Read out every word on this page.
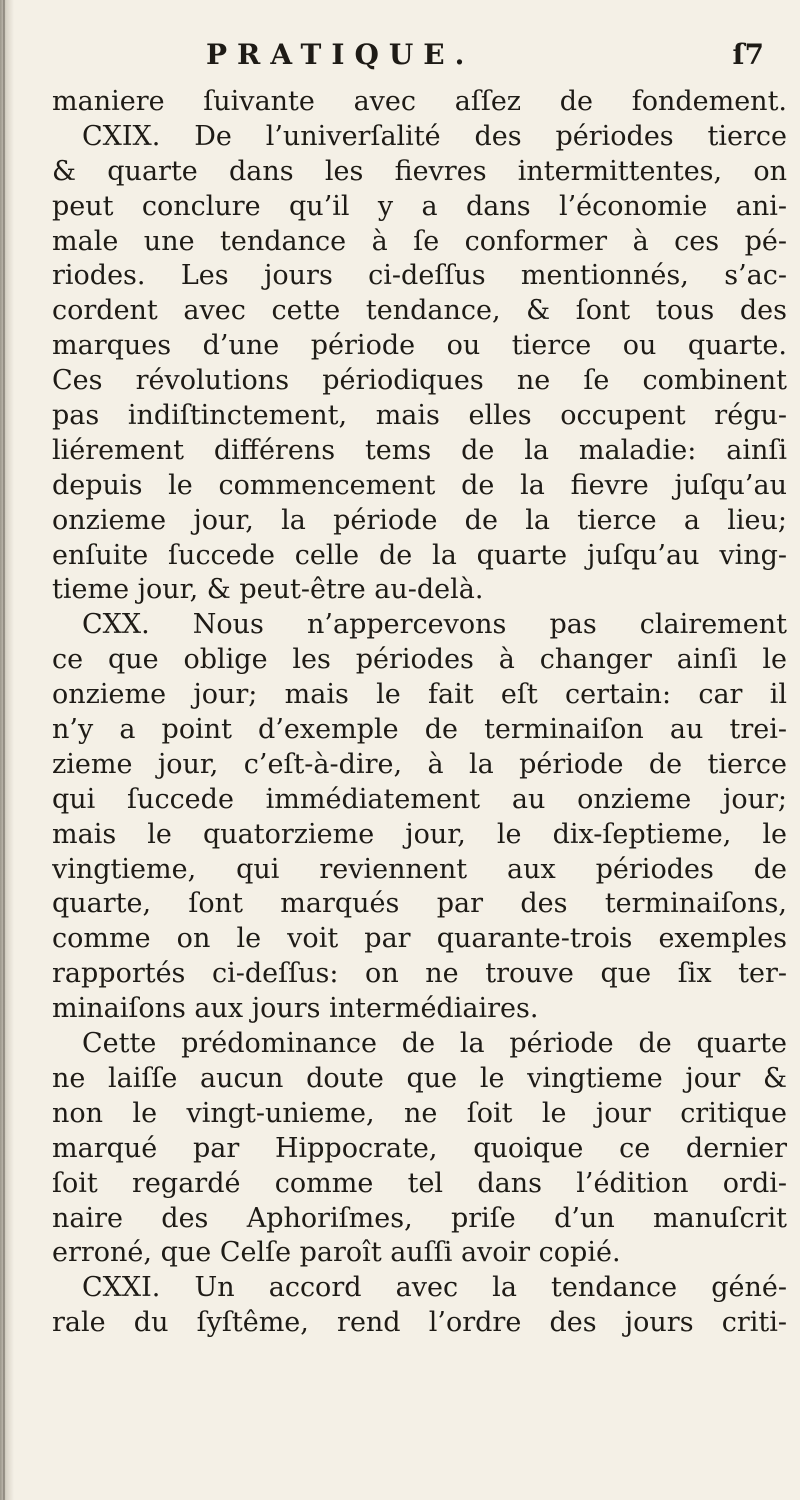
PRATIQUE.	ſ7
maniere ſuivante avec aſſez de fondement.
CXIX. De l’univerſalité des périodes tierce
& quarte dans les fievres intermittentes, on
peut conclure qu’il y a dans l’économie ani-
male une tendance à ſe conformer à ces pé-
riodes. Les jours ci-deſſus mentionnés, s’ac-
cordent avec cette tendance, & ſont tous des
marques d’une période ou tierce ou quarte.
Ces révolutions périodiques ne ſe combinent
pas indiſtinctement, mais elles occupent régu-
liérement différens tems de la maladie: ainſi
depuis le commencement de la fievre juſqu’au
onzieme jour, la période de la tierce a lieu;
enſuite ſuccede celle de la quarte juſqu’au ving-
tieme jour, & peut-être au-delà.
CXX. Nous n’appercevons pas clairement
ce que oblige les périodes à changer ainſi le
onzieme jour; mais le fait eſt certain: car il
n’y a point d’exemple de terminaiſon au trei-
zieme jour, c’eſt-à-dire, à la période de tierce
qui ſuccede immédiatement au onzieme jour;
mais le quatorzieme jour, le dix-ſeptieme, le
vingtieme, qui reviennent aux périodes de
quarte, ſont marqués par des terminaiſons,
comme on le voit par quarante-trois exemples
rapportés ci-deſſus: on ne trouve que ſix ter-
minaiſons aux jours intermédiaires.
Cette prédominance de la période de quarte
ne laiſſe aucun doute que le vingtieme jour &
non le vingt-unieme, ne ſoit le jour critique
marqué par Hippocrate, quoique ce dernier
ſoit regardé comme tel dans l’édition ordi-
naire des Aphoriſmes, priſe d’un manuſcrit
erroné, que Celſe paroît auſſi avoir copié.
CXXI. Un accord avec la tendance géné-
rale du ſyſtême, rend l’ordre des jours criti-
